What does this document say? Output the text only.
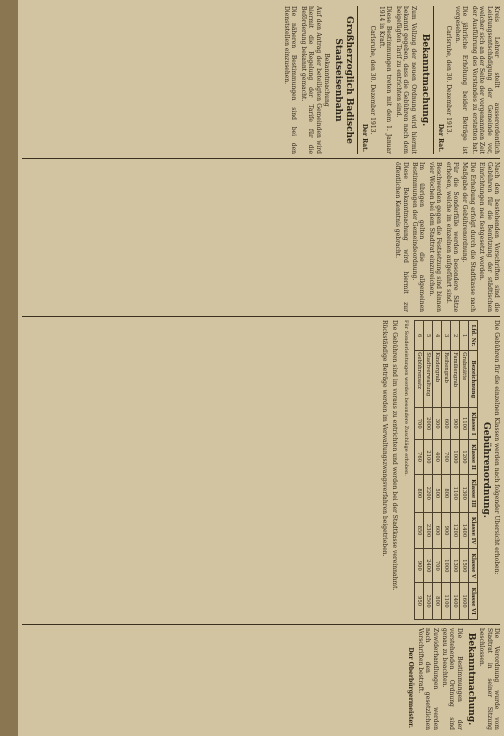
Kreis Lehrer stellt ausserordentlich Leistungsentschädigung der Gemeinde vor, welcher sich an der Seite der vorgenannten Zeit der Ausführung des Vorstandes zu erstatten hat.

Die jährliche Erhöhung beider Beträge ist vorgesehen.

Carlsruhe, den 30. Dezember 1913.

Der Rat.

Bekanntmachung.

Zum Vollzug der neuen Ordnung wird hiermit bekannt gegeben, dass die Gebühren nach dem beigefügten Tarif zu entrichten sind.

Diese Bestimmungen treten mit dem 1. Januar 1914 in Kraft.

Carlsruhe, den 30. Dezember 1913.

Der Rat.

Großherzoglich Badische Staatseisenbahn

Bekanntmachung

Auf den Antrag der beteiligten Gemeinden wird hiermit die Regelung der Tarife für die Beförderung bekannt gemacht.

Die näheren Bestimmungen sind bei den Dienststellen einzusehen.

Nach den bestehenden Vorschriften sind die Gebühren für die Benützung der städtischen Einrichtungen neu festgesetzt worden.

Die Erhebung erfolgt durch die Stadtkasse nach Maßgabe der Gebührenordnung.

Für die Sonderfälle werden besondere Sätze erhoben, welche im einzelnen aufgeführt sind.

Beschwerden gegen die Festsetzung sind binnen vier Wochen bei dem Stadtrat einzureichen.

Im übrigen gelten die allgemeinen Bestimmungen der Gemeindeordnung.

Diese Bekanntmachung wird hiermit zur öffentlichen Kenntnis gebracht.

Die Gebühren für die einzelnen Klassen werden nach folgender Übersicht erhoben:

Gebührenordnung.

Lfd. Nr.	Bezeichnung	Klasse I	Klasse II	Klasse III	Klasse IV	Klasse V	Klasse VI
1	Grabstätte	1100	1200	1300	1400	1500	1600
2	Familiengrab	900	1000	1100	1200	1300	1400
3	Reihengrab	600	700	800	900	1000	1100
4	Kindergrab	300	400	500	600	700	800
5	Stadtverwaltung	2000	2100	2200	2300	2400	2500
6	Gebührensatz	700	760	800	850	900	950

Für Sonderleistungen werden besondere Zuschläge erhoben.

Die Gebühren sind im voraus zu entrichten und werden bei der Stadtkasse vereinnahmt.

Rückständige Beträge werden im Verwaltungszwangsverfahren beigetrieben.

Die Verordnung wurde vom Stadtrat in seiner Sitzung beschlossen.

Bekanntmachung.

Die Bestimmungen der vorstehenden Ordnung sind genau zu beachten.

Zuwiderhandlungen werden nach den gesetzlichen Vorschriften bestraft.

Der Oberbürgermeister.
